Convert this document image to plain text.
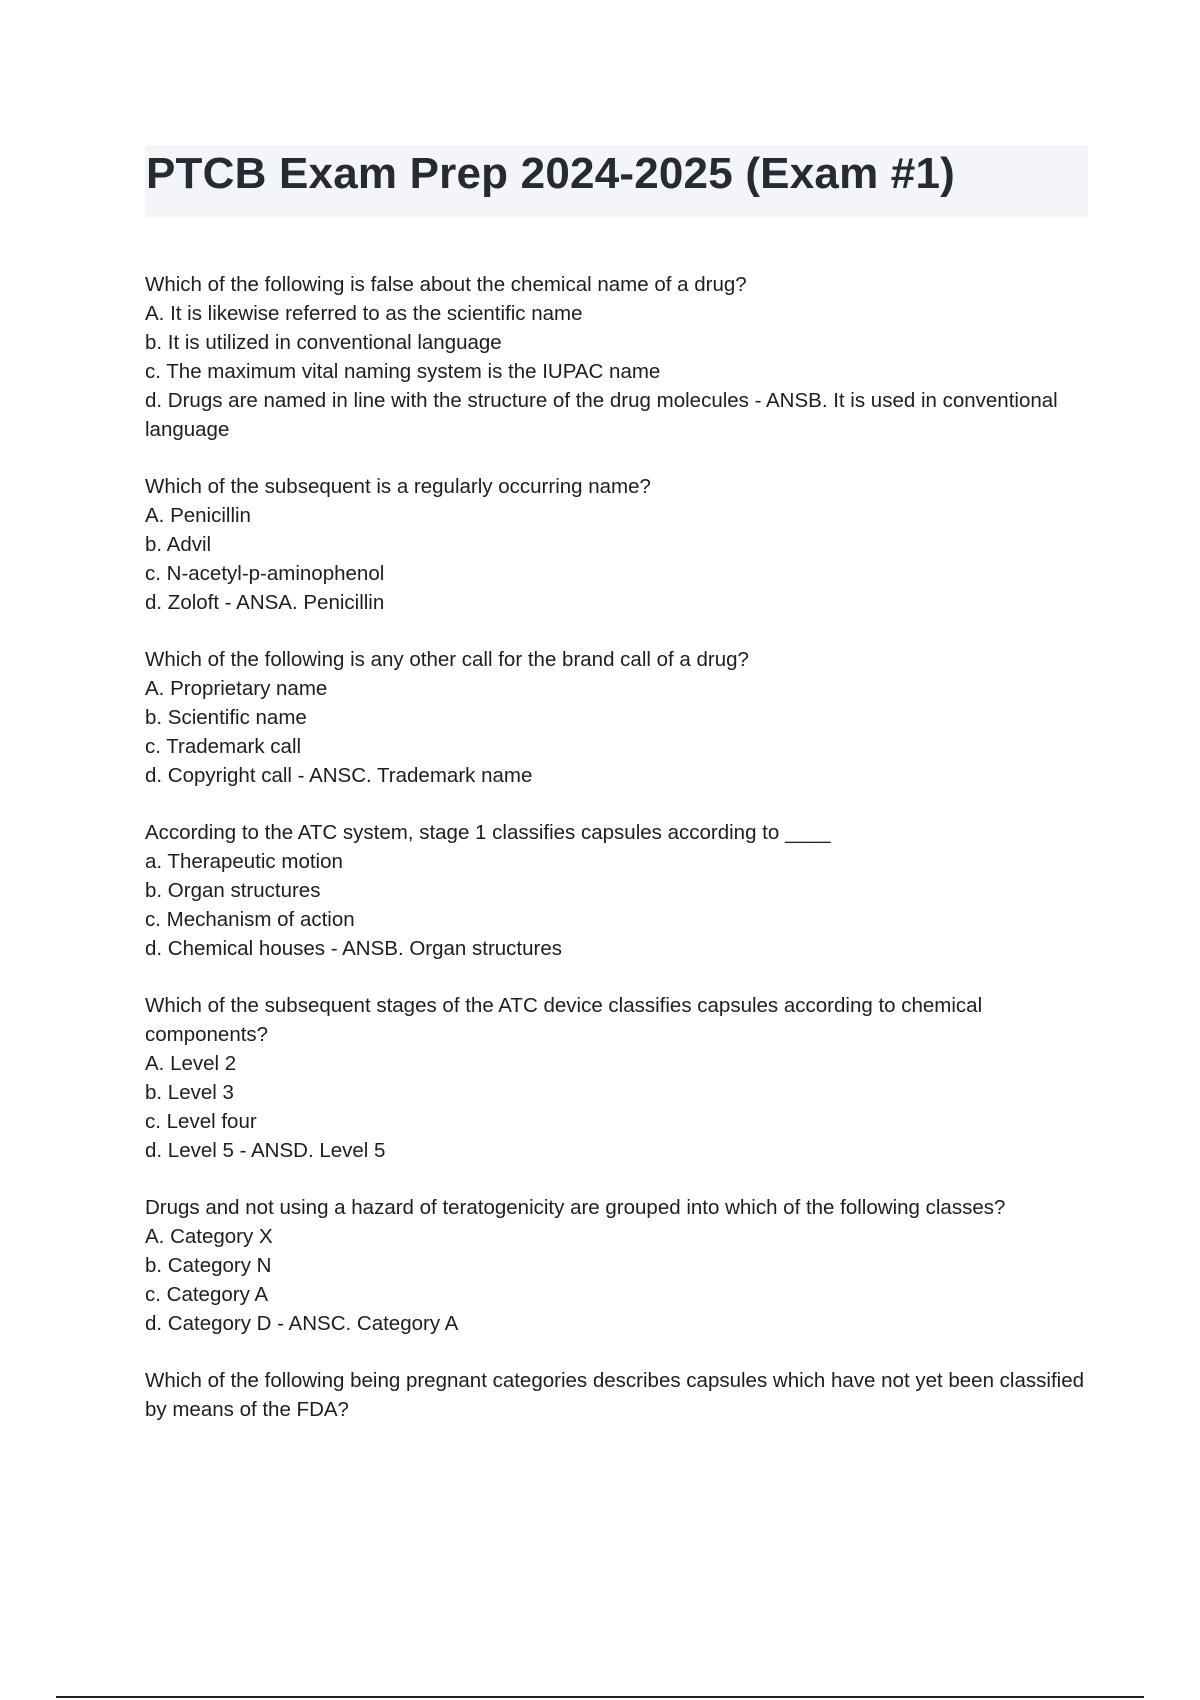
PTCB Exam Prep 2024-2025 (Exam #1)

Which of the following is false about the chemical name of a drug?

A. It is likewise referred to as the scientific name

b. It is utilized in conventional language

c. The maximum vital naming system is the IUPAC name

d. Drugs are named in line with the structure of the drug molecules - ANSB. It is used in conventional language

Which of the subsequent is a regularly occurring name?

A. Penicillin

b. Advil

c. N-acetyl-p-aminophenol

d. Zoloft - ANSA. Penicillin

Which of the following is any other call for the brand call of a drug?

A. Proprietary name

b. Scientific name

c. Trademark call

d. Copyright call - ANSC. Trademark name

According to the ATC system, stage 1 classifies capsules according to ____

a. Therapeutic motion

b. Organ structures

c. Mechanism of action

d. Chemical houses - ANSB. Organ structures

Which of the subsequent stages of the ATC device classifies capsules according to chemical components?

A. Level 2

b. Level 3

c. Level four

d. Level 5 - ANSD. Level 5

Drugs and not using a hazard of teratogenicity are grouped into which of the following classes?

A. Category X

b. Category N

c. Category A

d. Category D - ANSC. Category A

Which of the following being pregnant categories describes capsules which have not yet been classified by means of the FDA?
